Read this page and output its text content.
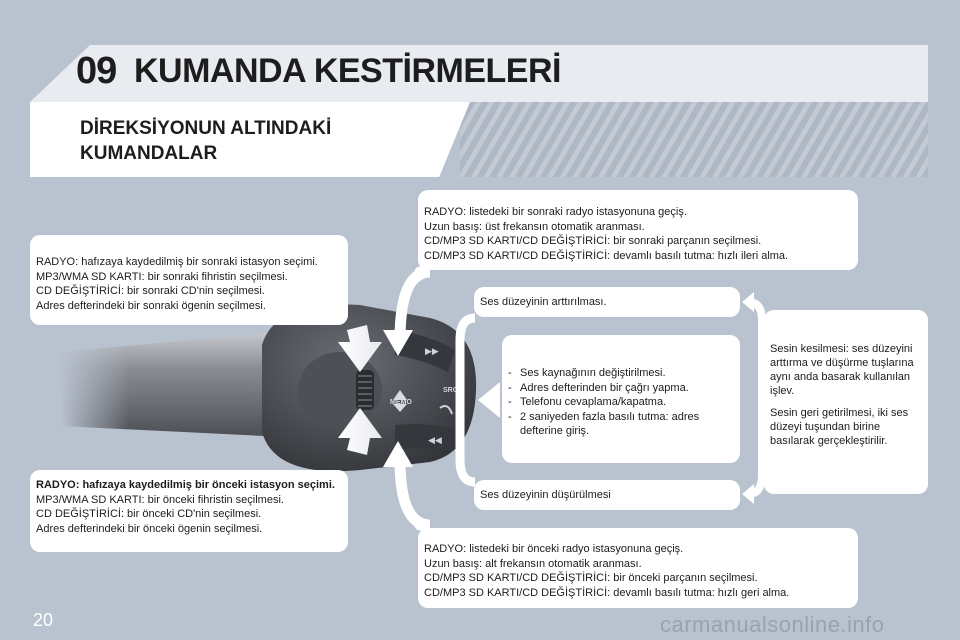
09 KUMANDA KESTİRMELERİ
DİREKSİYONUN ALTINDAKİ
KUMANDALAR
MEMO
▶▶
SRC
◀◀
RADYO: listedeki bir sonraki radyo istasyonuna geçiş.
Uzun basış: üst frekansın otomatik aranması.
CD/MP3 SD KARTI/CD DEĞİŞTİRİCİ: bir sonraki parçanın seçilmesi.
CD/MP3 SD KARTI/CD DEĞİŞTİRİCİ: devamlı basılı tutma: hızlı ileri alma.
RADYO: hafızaya kaydedilmiş bir sonraki istasyon seçimi.
MP3/WMA SD KARTI: bir sonraki fihristin seçilmesi.
CD DEĞİŞTİRİCİ: bir sonraki CD'nin seçilmesi.
Adres defterindeki bir sonraki ögenin seçilmesi.	Ses düzeyinin arttırılması.
- Ses kaynağının değiştirilmesi.
- Adres defterinden bir çağrı yapma.
- Telefonu cevaplama/kapatma.
- 2 saniyeden fazla basılı tutma: adres defterine giriş.

Sesin kesilmesi: ses düzeyini arttırma ve düşürme tuşlarına aynı anda basarak kullanılan işlev.

Sesin geri getirilmesi, iki ses düzeyi tuşundan birine basılarak gerçekleştirilir.

RADYO: hafızaya kaydedilmiş bir önceki istasyon seçimi.
MP3/WMA SD KARTI: bir önceki fihristin seçilmesi.
CD DEĞİŞTİRİCİ: bir önceki CD'nin seçilmesi.
Adres defterindeki bir önceki ögenin seçilmesi.
Ses düzeyinin düşürülmesi
RADYO: listedeki bir önceki radyo istasyonuna geçiş.
Uzun basış: alt frekansın otomatik aranması.
CD/MP3 SD KARTI/CD DEĞİŞTİRİCİ: bir önceki parçanın seçilmesi.
CD/MP3 SD KARTI/CD DEĞİŞTİRİCİ: devamlı basılı tutma: hızlı geri alma.
20	carmanualsonline.info
